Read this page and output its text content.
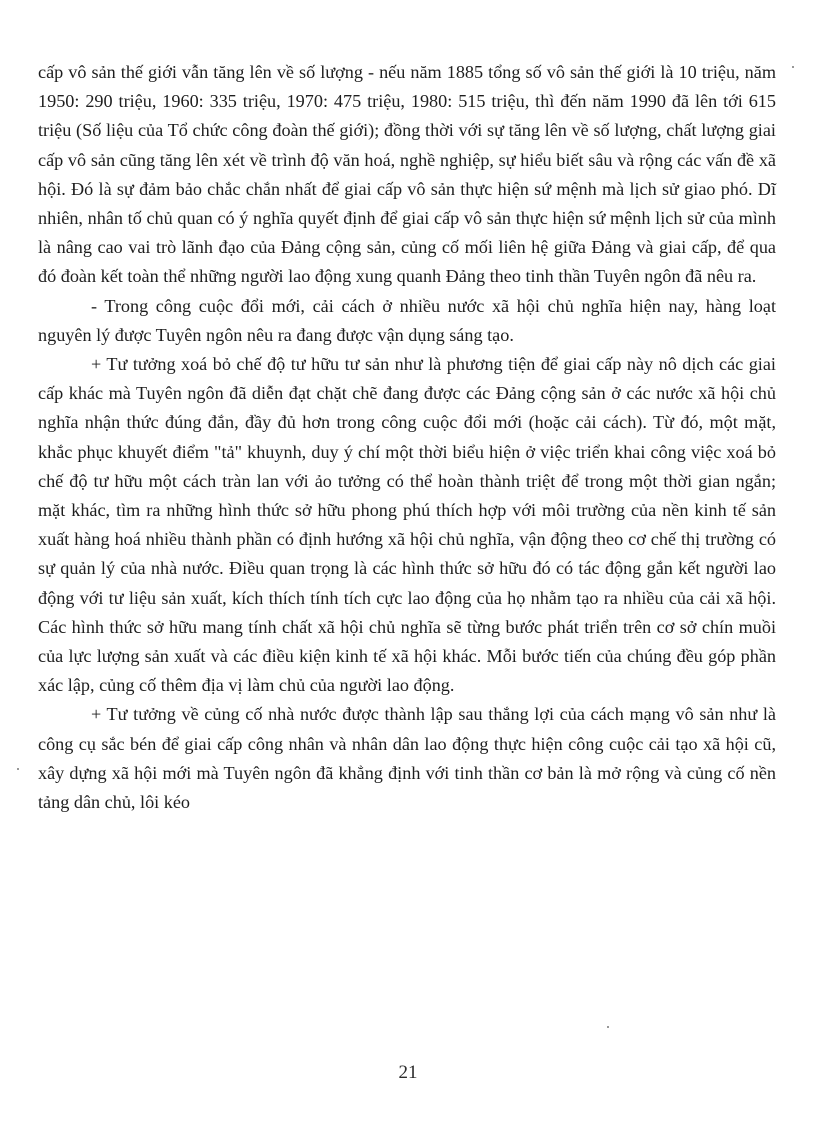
cấp vô sản thế giới vẫn tăng lên về số lượng - nếu năm 1885 tổng số vô sản thế giới là 10 triệu, năm 1950: 290 triệu, 1960: 335 triệu, 1970: 475 triệu, 1980: 515 triệu, thì đến năm 1990 đã lên tới 615 triệu (Số liệu của Tổ chức công đoàn thế giới); đồng thời với sự tăng lên về số lượng, chất lượng giai cấp vô sản cũng tăng lên xét về trình độ văn hoá, nghề nghiệp, sự hiểu biết sâu và rộng các vấn đề xã hội. Đó là sự đảm bảo chắc chắn nhất để giai cấp vô sản thực hiện sứ mệnh mà lịch sử giao phó. Dĩ nhiên, nhân tố chủ quan có ý nghĩa quyết định để giai cấp vô sản thực hiện sứ mệnh lịch sử của mình là nâng cao vai trò lãnh đạo của Đảng cộng sản, củng cố mối liên hệ giữa Đảng và giai cấp, để qua đó đoàn kết toàn thể những người lao động xung quanh Đảng theo tinh thần Tuyên ngôn đã nêu ra.

- Trong công cuộc đổi mới, cải cách ở nhiều nước xã hội chủ nghĩa hiện nay, hàng loạt nguyên lý được Tuyên ngôn nêu ra đang được vận dụng sáng tạo.

+ Tư tưởng xoá bỏ chế độ tư hữu tư sản như là phương tiện để giai cấp này nô dịch các giai cấp khác mà Tuyên ngôn đã diễn đạt chặt chẽ đang được các Đảng cộng sản ở các nước xã hội chủ nghĩa nhận thức đúng đắn, đầy đủ hơn trong công cuộc đổi mới (hoặc cải cách). Từ đó, một mặt, khắc phục khuyết điểm "tả" khuynh, duy ý chí một thời biểu hiện ở việc triển khai công việc xoá bỏ chế độ tư hữu một cách tràn lan với ảo tưởng có thể hoàn thành triệt để trong một thời gian ngắn; mặt khác, tìm ra những hình thức sở hữu phong phú thích hợp với môi trường của nền kinh tế sản xuất hàng hoá nhiều thành phần có định hướng xã hội chủ nghĩa, vận động theo cơ chế thị trường có sự quản lý của nhà nước. Điều quan trọng là các hình thức sở hữu đó có tác động gắn kết người lao động với tư liệu sản xuất, kích thích tính tích cực lao động của họ nhằm tạo ra nhiều của cải xã hội. Các hình thức sở hữu mang tính chất xã hội chủ nghĩa sẽ từng bước phát triển trên cơ sở chín muồi của lực lượng sản xuất và các điều kiện kinh tế xã hội khác. Mỗi bước tiến của chúng đều góp phần xác lập, củng cố thêm địa vị làm chủ của người lao động.

+ Tư tưởng về củng cố nhà nước được thành lập sau thắng lợi của cách mạng vô sản như là công cụ sắc bén để giai cấp công nhân và nhân dân lao động thực hiện công cuộc cải tạo xã hội cũ, xây dựng xã hội mới mà Tuyên ngôn đã khẳng định với tinh thần cơ bản là mở rộng và củng cố nền tảng dân chủ, lôi kéo

21
